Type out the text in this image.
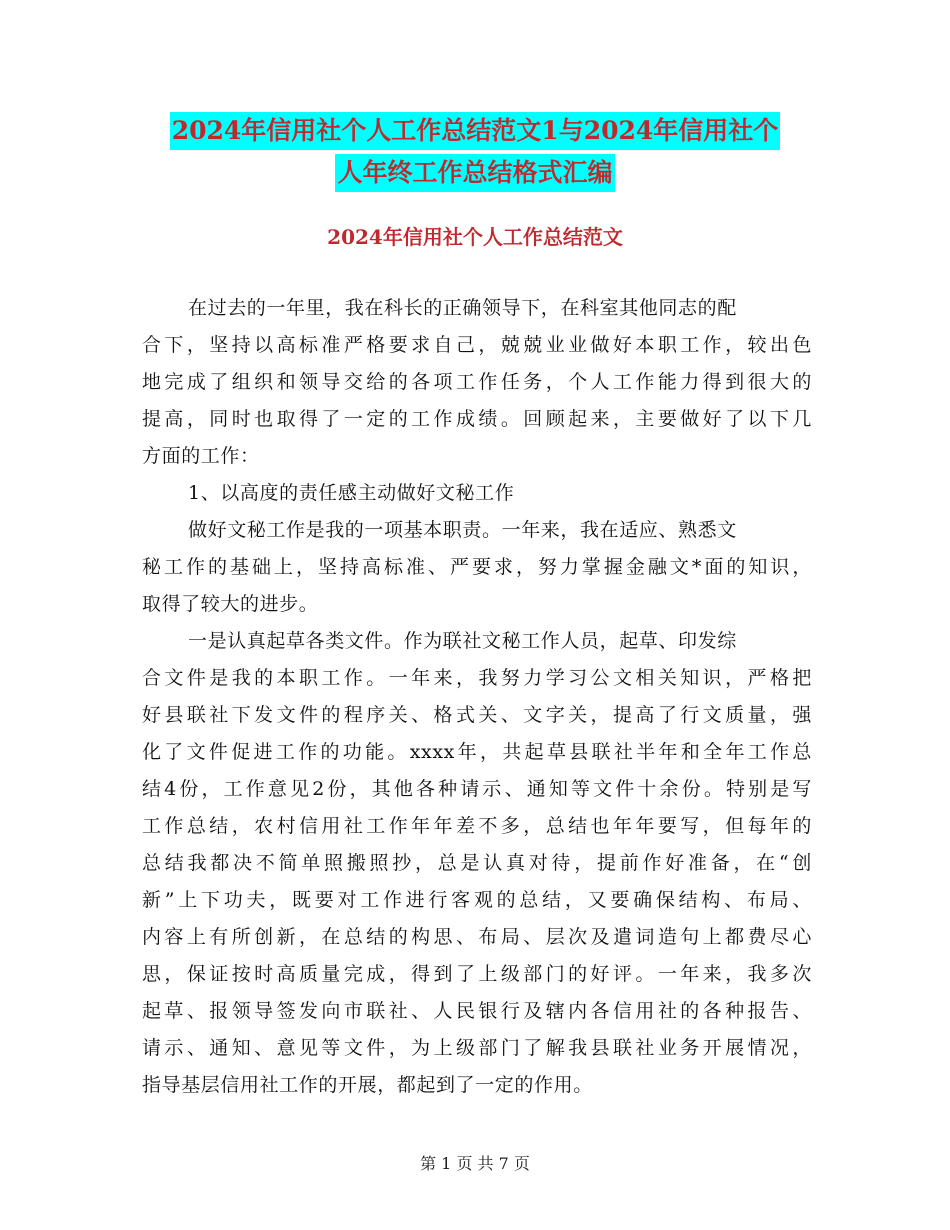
2024年信用社个人工作总结范文1与2024年信用社个
人年终工作总结格式汇编
2024年信用社个人工作总结范文
在过去的一年里，我在科长的正确领导下，在科室其他同志的配
合下，坚持以高标准严格要求自己，兢兢业业做好本职工作，较出色
地完成了组织和领导交给的各项工作任务，个人工作能力得到很大的
提高，同时也取得了一定的工作成绩。回顾起来，主要做好了以下几
方面的工作：
1、以高度的责任感主动做好文秘工作
做好文秘工作是我的一项基本职责。一年来，我在适应、熟悉文
秘工作的基础上，坚持高标准、严要求，努力掌握金融文*面的知识，
取得了较大的进步。
一是认真起草各类文件。作为联社文秘工作人员，起草、印发综
合文件是我的本职工作。一年来，我努力学习公文相关知识，严格把
好县联社下发文件的程序关、格式关、文字关，提高了行文质量，强
化了文件促进工作的功能。xxxx年，共起草县联社半年和全年工作总
结4份，工作意见2份，其他各种请示、通知等文件十余份。特别是写
工作总结，农村信用社工作年年差不多，总结也年年要写，但每年的
总结我都决不简单照搬照抄，总是认真对待，提前作好准备，在“创
新”上下功夫，既要对工作进行客观的总结，又要确保结构、布局、
内容上有所创新，在总结的构思、布局、层次及遣词造句上都费尽心
思，保证按时高质量完成，得到了上级部门的好评。一年来，我多次
起草、报领导签发向市联社、人民银行及辖内各信用社的各种报告、
请示、通知、意见等文件，为上级部门了解我县联社业务开展情况，
指导基层信用社工作的开展，都起到了一定的作用。
第 1 页 共 7 页
